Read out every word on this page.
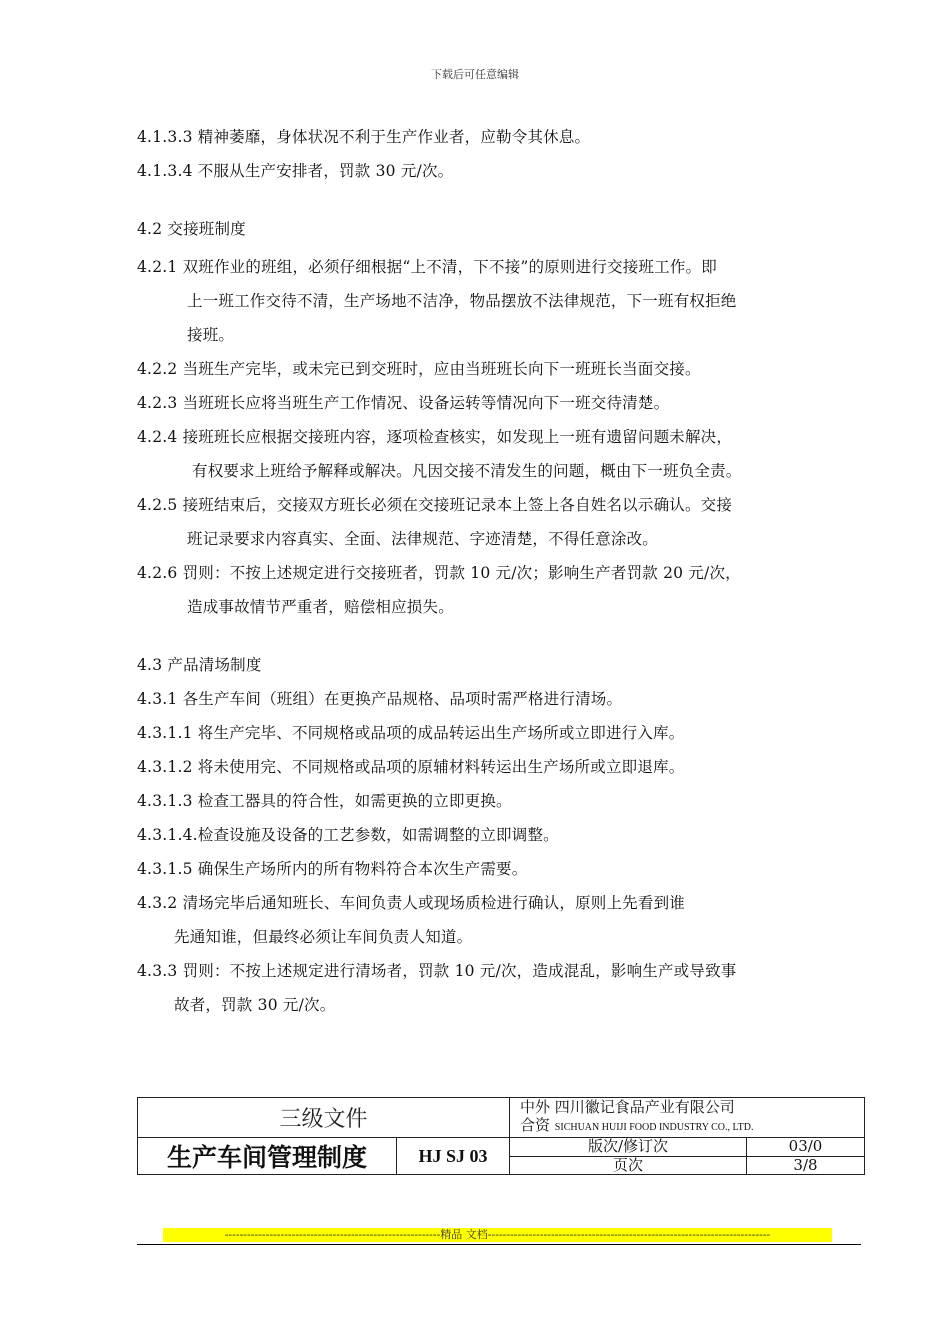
下载后可任意编辑
4.1.3.3 精神萎靡，身体状况不利于生产作业者，应勒令其休息。
4.1.3.4 不服从生产安排者，罚款 30 元/次。
4.2 交接班制度
4.2.1 双班作业的班组，必须仔细根据“上不清，下不接”的原则进行交接班工作。即
上一班工作交待不清，生产场地不洁净，物品摆放不法律规范，下一班有权拒绝
接班。
4.2.2 当班生产完毕，或未完已到交班时，应由当班班长向下一班班长当面交接。
4.2.3 当班班长应将当班生产工作情况、设备运转等情况向下一班交待清楚。
4.2.4 接班班长应根据交接班内容，逐项检查核实，如发现上一班有遗留问题未解决，
有权要求上班给予解释或解决。凡因交接不清发生的问题，概由下一班负全责。
4.2.5 接班结束后，交接双方班长必须在交接班记录本上签上各自姓名以示确认。交接
班记录要求内容真实、全面、法律规范、字迹清楚，不得任意涂改。
4.2.6 罚则：不按上述规定进行交接班者，罚款 10 元/次；影响生产者罚款 20 元/次，
造成事故情节严重者，赔偿相应损失。
4.3 产品清场制度
4.3.1 各生产车间（班组）在更换产品规格、品项时需严格进行清场。
4.3.1.1 将生产完毕、不同规格或品项的成品转运出生产场所或立即进行入库。
4.3.1.2 将未使用完、不同规格或品项的原辅材料转运出生产场所或立即退库。
4.3.1.3 检查工器具的符合性，如需更换的立即更换。
4.3.1.4.检查设施及设备的工艺参数，如需调整的立即调整。
4.3.1.5 确保生产场所内的所有物料符合本次生产需要。
4.3.2 清场完毕后通知班长、车间负责人或现场质检进行确认，原则上先看到谁
先通知谁，但最终必须让车间负责人知道。
4.3.3 罚则：不按上述规定进行清场者，罚款 10 元/次，造成混乱，影响生产或导致事
故者，罚款 30 元/次。
三级文件		中外 四川徽记食品产业有限公司
合资 SICHUAN HUIJI FOOD INDUSTRY CO., LTD.	

生产车间管理制度	HJ SJ 03	版次/修订次	03/0
		页次	3/8
----------------------------------------------------------精品 文档----------------------------------------------------------------------------
